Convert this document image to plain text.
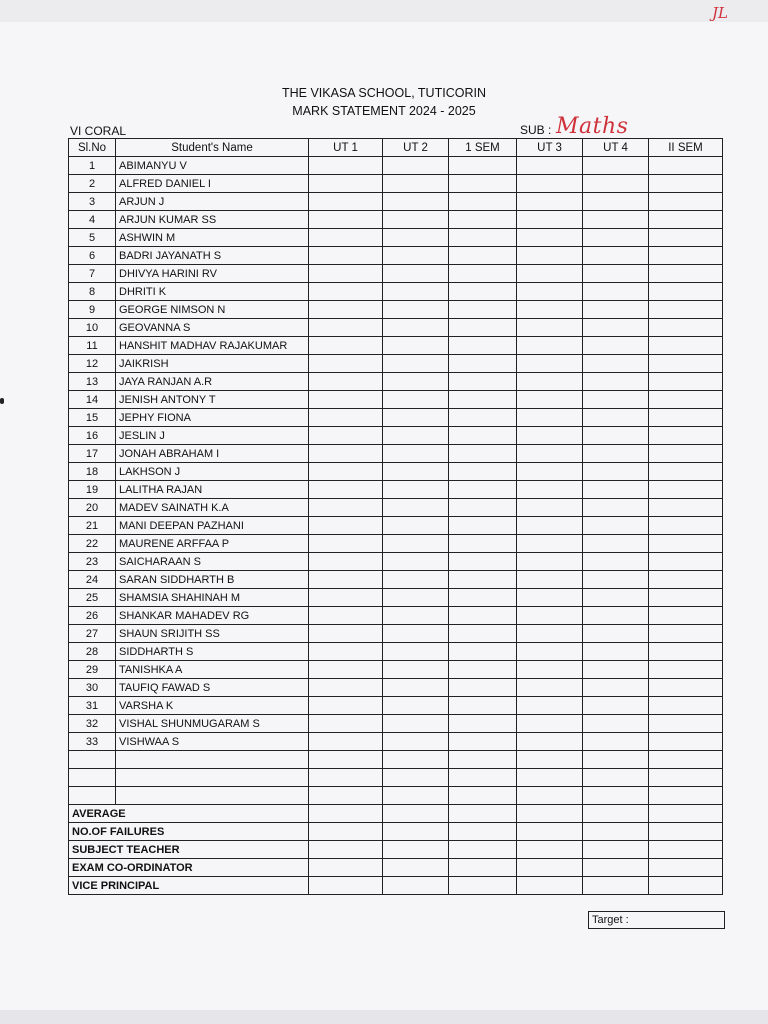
JL
THE VIKASA SCHOOL, TUTICORIN
MARK STATEMENT 2024 - 2025
VI CORAL	SUB : Maths
Sl.No	Student's Name	UT 1	UT 2	1 SEM	UT 3	UT 4	II SEM
1	ABIMANYU V						
2	ALFRED DANIEL I						
3	ARJUN J						
4	ARJUN KUMAR SS						
5	ASHWIN M						
6	BADRI JAYANATH S						
7	DHIVYA HARINI RV						
8	DHRITI K						
9	GEORGE NIMSON N						
10	GEOVANNA S						
11	HANSHIT MADHAV RAJAKUMAR						
12	JAIKRISH						
13	JAYA RANJAN A.R						
14	JENISH ANTONY T						
15	JEPHY FIONA						
16	JESLIN J						
17	JONAH ABRAHAM I						
18	LAKHSON J						
19	LALITHA RAJAN						
20	MADEV SAINATH K.A						
21	MANI DEEPAN PAZHANI						
22	MAURENE ARFFAA P						
23	SAICHARAAN S						
24	SARAN SIDDHARTH B						
25	SHAMSIA SHAHINAH M						
26	SHANKAR MAHADEV RG						
27	SHAUN SRIJITH SS						
28	SIDDHARTH S						
29	TANISHKA A						
30	TAUFIQ FAWAD S						
31	VARSHA K						
32	VISHAL SHUNMUGARAM S						
33	VISHWAA S						

AVERAGE							
NO.OF FAILURES							
SUBJECT TEACHER							
EXAM CO-ORDINATOR							
VICE PRINCIPAL							
Target :
